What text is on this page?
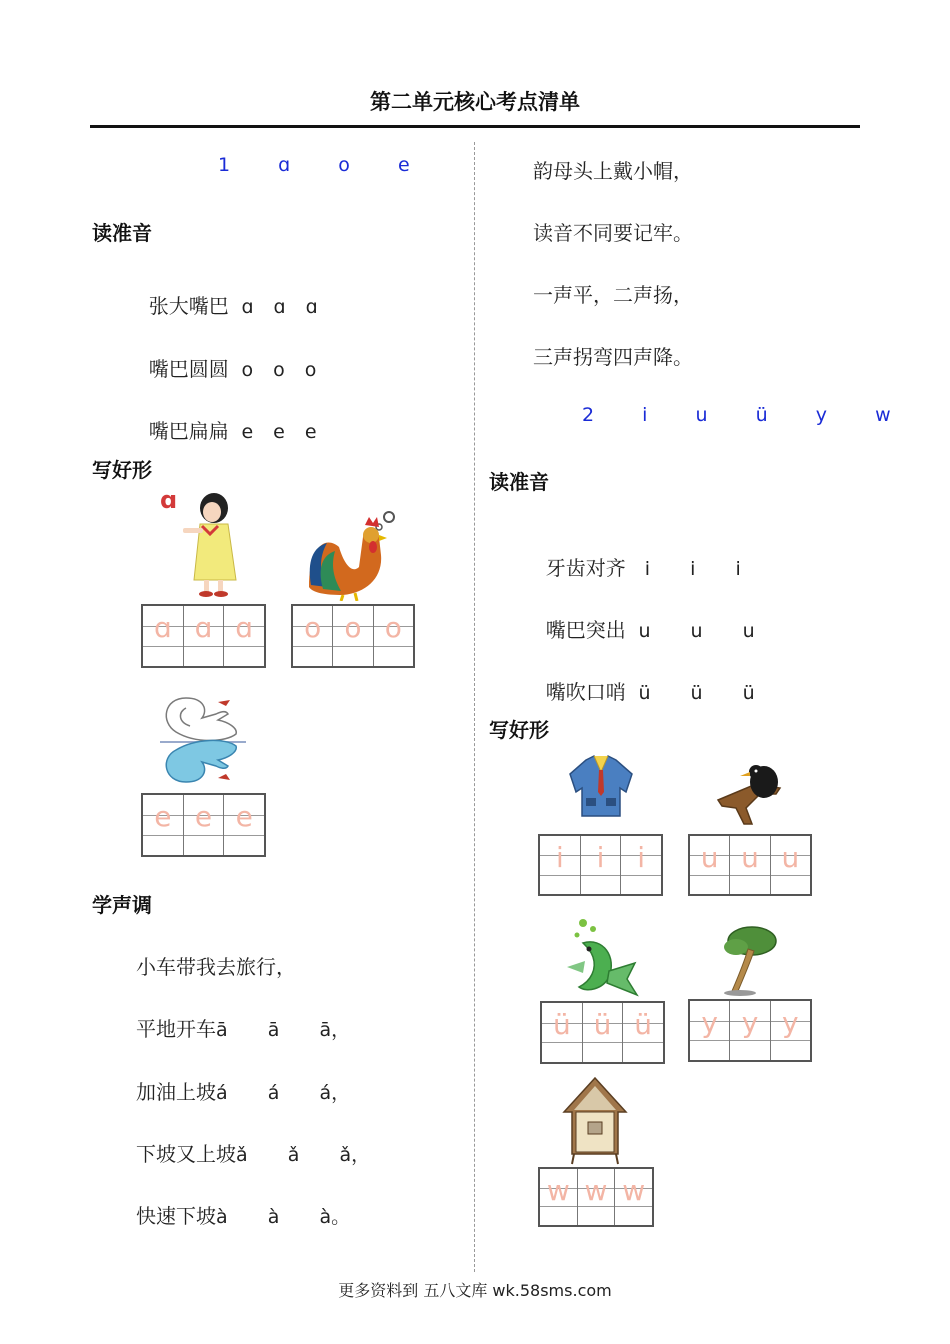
第二单元核心考点清单
1  ɑ  o  e
读准音

张大嘴巴 ɑ ɑ ɑ

嘴巴圆圆 o o o

嘴巴扁扁 e e e

写好形
ɑ
ɑ ɑ ɑ	o o o
e e e
学声调
小车带我去旅行，
平地开车ā  ā  ā，
加油上坡á  á  á，
下坡又上坡ǎ  ǎ  ǎ，
快速下坡à  à  à。
韵母头上戴小帽，
读音不同要记牢。
一声平，二声扬，
三声拐弯四声降。
2  i  u  ü  y  w
读准音

牙齿对齐 i  i  i

嘴巴突出 u  u  u

嘴吹口哨 ü  ü  ü

写好形
i	i	i	u u u
ü ü ü	y y y
w w w
更多资料到 五八文库 wk.58sms.com
